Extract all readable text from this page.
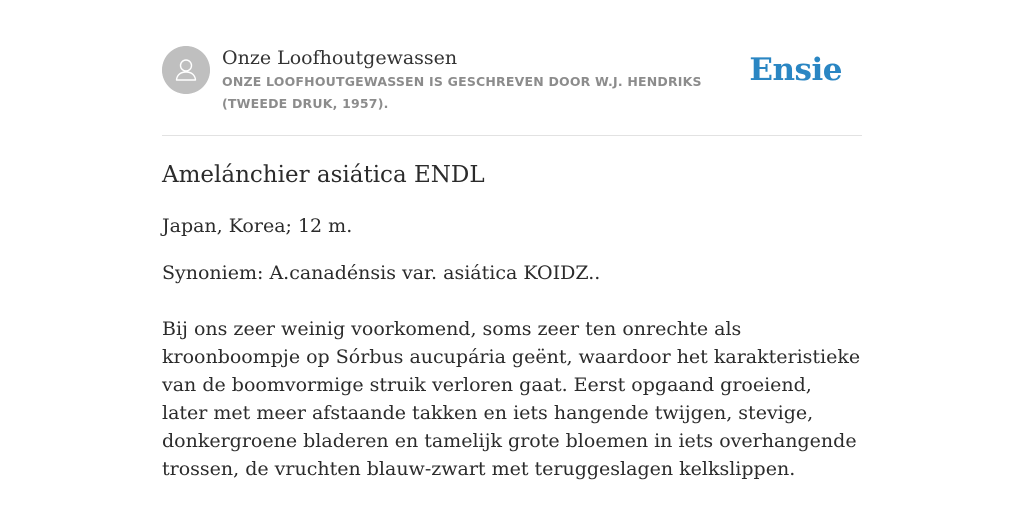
Onze Loofhoutgewassen
ONZE LOOFHOUTGEWASSEN IS GESCHREVEN DOOR W.J. HENDRIKS (TWEEDE DRUK, 1957).
Ensie
Amelánchier asiática ENDL

Japan, Korea; 12 m.

Synoniem: A.canadénsis var. asiática KOIDZ..

Bij ons zeer weinig voorkomend, soms zeer ten onrechte als kroonboompje op Sórbus aucupária geënt, waardoor het karakteristieke van de boomvormige struik verloren gaat. Eerst opgaand groeiend, later met meer afstaande takken en iets hangende twijgen, stevige, donkergroene bladeren en tamelijk grote bloemen in iets overhangende trossen, de vruchten blauw-zwart met teruggeslagen kelkslippen.
